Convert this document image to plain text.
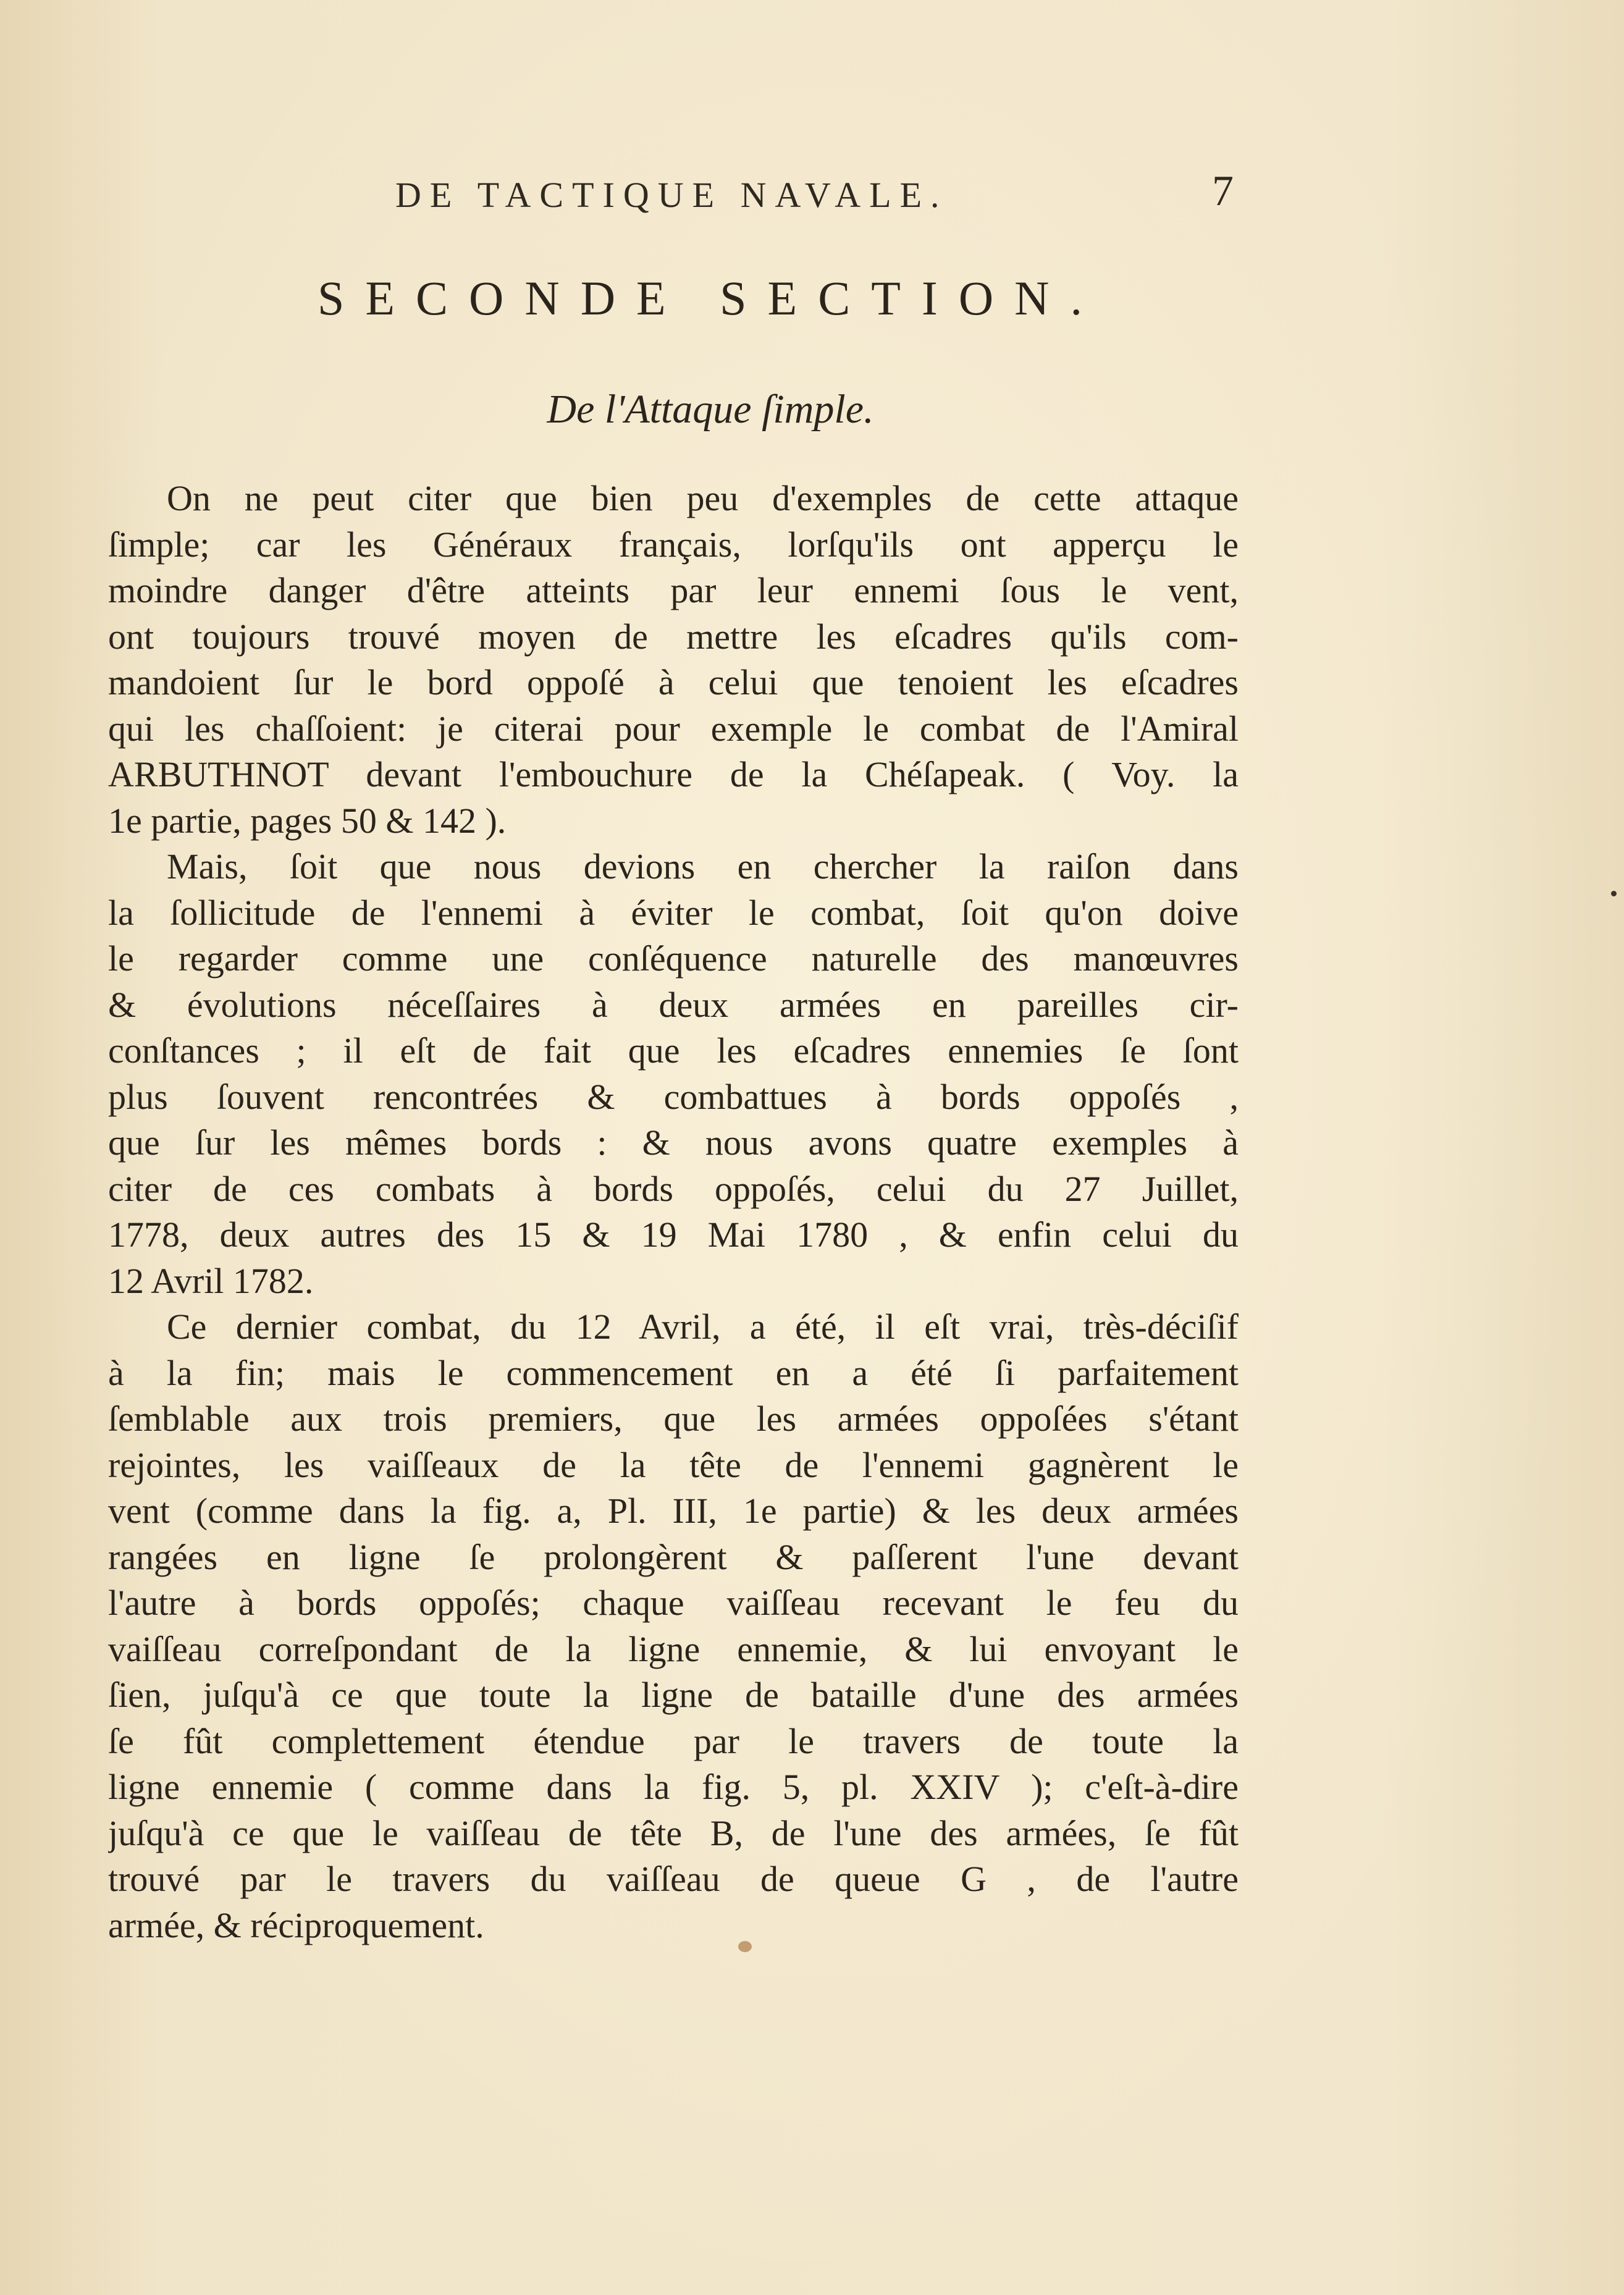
DE TACTIQUE NAVALE.	7
SECONDE SECTION.
De l'Attaque ſimple.
On ne peut citer que bien peu d'exemples de cette attaque
ſimple; car les Généraux français, lorſqu'ils ont apperçu le
moindre danger d'être atteints par leur ennemi ſous le vent,
ont toujours trouvé moyen de mettre les eſcadres qu'ils com-
mandoient ſur le bord oppoſé à celui que tenoient les eſcadres
qui les chaſſoient: je citerai pour exemple le combat de l'Amiral
ARBUTHNOT devant l'embouchure de la Chéſapeak. ( Voy. la
1e partie, pages 50 & 142 ).
Mais, ſoit que nous devions en chercher la raiſon dans
la ſollicitude de l'ennemi à éviter le combat, ſoit qu'on doive
le regarder comme une conſéquence naturelle des manœuvres
& évolutions néceſſaires à deux armées en pareilles cir-
conſtances ; il eſt de fait que les eſcadres ennemies ſe ſont
plus ſouvent rencontrées & combattues à bords oppoſés ,
que ſur les mêmes bords : & nous avons quatre exemples à
citer de ces combats à bords oppoſés, celui du 27 Juillet,
1778, deux autres des 15 & 19 Mai 1780 , & enfin celui du
12 Avril 1782.
Ce dernier combat, du 12 Avril, a été, il eſt vrai, très-déciſif
à la fin; mais le commencement en a été ſi parfaitement
ſemblable aux trois premiers, que les armées oppoſées s'étant
rejointes, les vaiſſeaux de la tête de l'ennemi gagnèrent le
vent (comme dans la fig. a, Pl. III, 1e partie) & les deux armées
rangées en ligne ſe prolongèrent & paſſerent l'une devant
l'autre à bords oppoſés; chaque vaiſſeau recevant le feu du
vaiſſeau correſpondant de la ligne ennemie, & lui envoyant le
ſien, juſqu'à ce que toute la ligne de bataille d'une des armées
ſe fût complettement étendue par le travers de toute la
ligne ennemie ( comme dans la fig. 5, pl. XXIV ); c'eſt-à-dire
juſqu'à ce que le vaiſſeau de tête B, de l'une des armées, ſe fût
trouvé par le travers du vaiſſeau de queue G , de l'autre
armée, & réciproquement.
